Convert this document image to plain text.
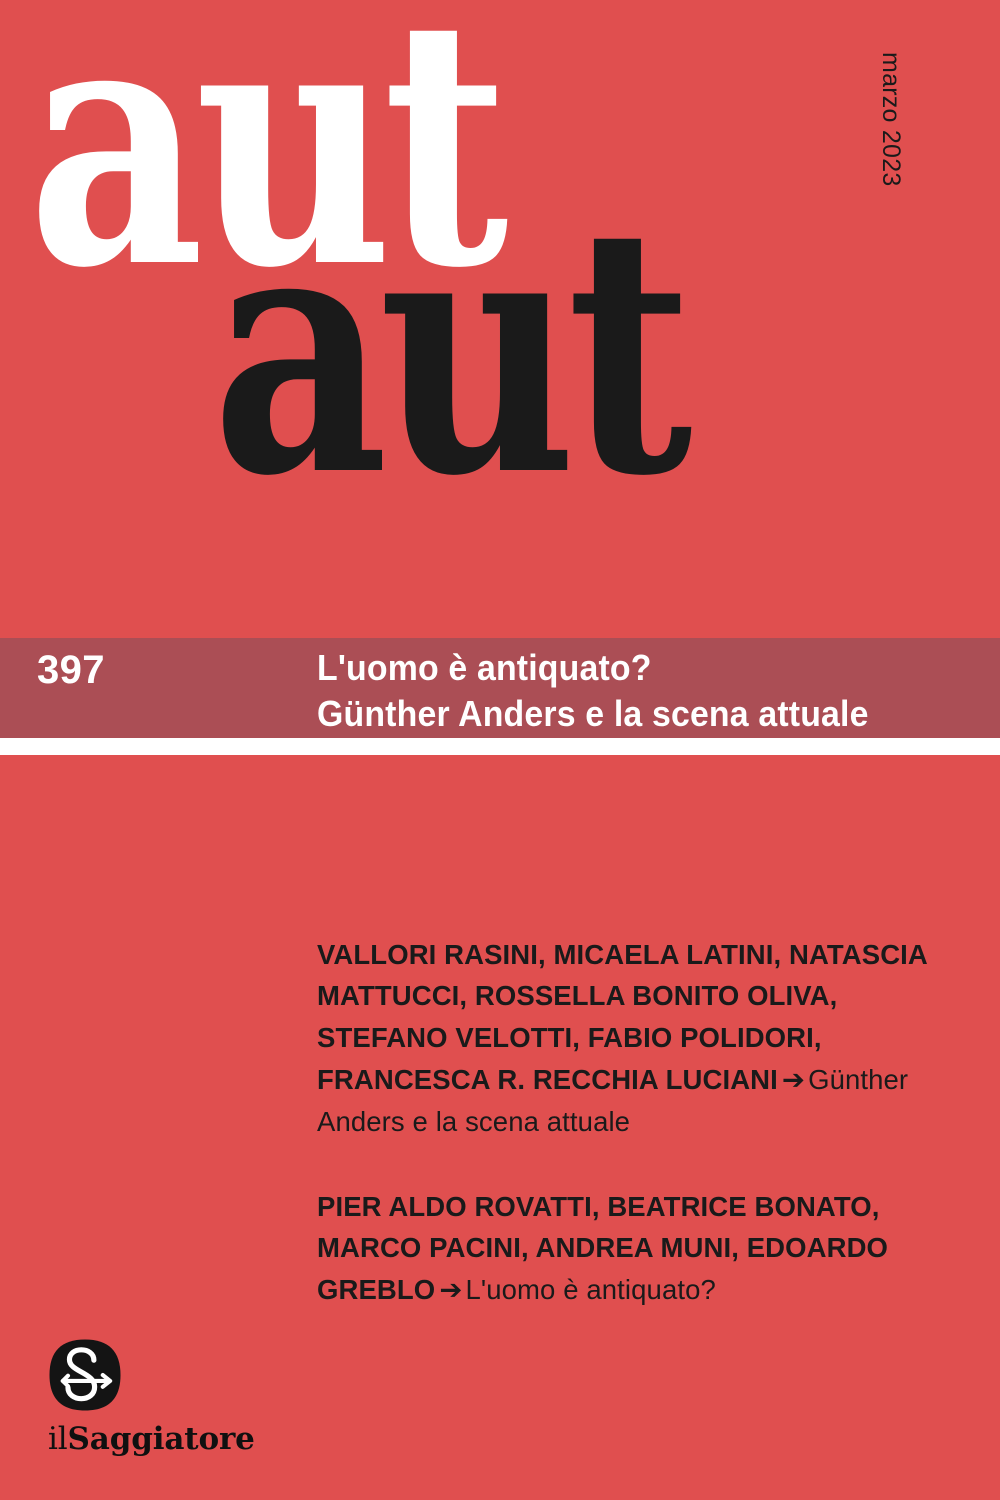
aut
aut
marzo 2023
397	L'uomo è antiquato?
Günther Anders e la scena attuale

VALLORI RASINI, MICAELA LATINI, NATASCIA MATTUCCI, ROSSELLA BONITO OLIVA, STEFANO VELOTTI, FABIO POLIDORI, FRANCESCA R. RECCHIA LUCIANI ➔ Günther Anders e la scena attuale

PIER ALDO ROVATTI, BEATRICE BONATO, MARCO PACINI, ANDREA MUNI, EDOARDO GREBLO ➔ L'uomo è antiquato?

ilSaggiatore
